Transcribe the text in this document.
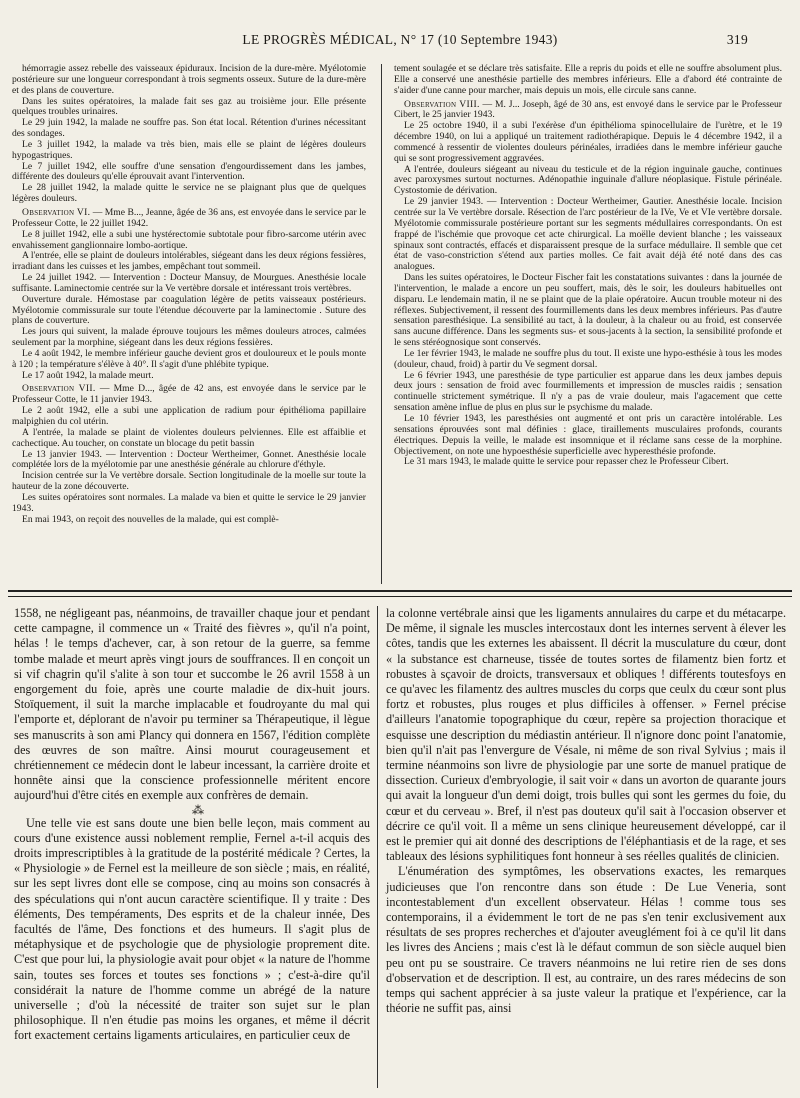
LE PROGRÈS MÉDICAL, N° 17 (10 Septembre 1943)	319

hémorragie assez rebelle des vaisseaux épiduraux. Incision de la dure-mère. Myélotomie postérieure sur une longueur correspondant à trois segments osseux. Suture de la dure-mère et des plans de couverture.

Dans les suites opératoires, la malade fait ses gaz au troisième jour. Elle présente quelques troubles urinaires.

Le 29 juin 1942, la malade ne souffre pas. Son état local. Rétention d'urines nécessitant des sondages.

Le 3 juillet 1942, la malade va très bien, mais elle se plaint de légères douleurs hypogastriques.

Le 7 juillet 1942, elle souffre d'une sensation d'engourdissement dans les jambes, différente des douleurs qu'elle éprouvait avant l'intervention.

Le 28 juillet 1942, la malade quitte le service ne se plaignant plus que de quelques légères douleurs.

Observation VI. — Mme B..., Jeanne, âgée de 36 ans, est envoyée dans le service par le Professeur Cotte, le 22 juillet 1942.

Le 8 juillet 1942, elle a subi une hystérectomie subtotale pour fibro-sarcome utérin avec envahissement ganglionnaire lombo-aortique.

A l'entrée, elle se plaint de douleurs intolérables, siégeant dans les deux régions fessières, irradiant dans les cuisses et les jambes, empêchant tout sommeil.

Le 24 juillet 1942. — Intervention : Docteur Mansuy, de Mourgues. Anesthésie locale suffisante. Laminectomie centrée sur la Ve vertèbre dorsale et intéressant trois vertèbres.

Ouverture durale. Hémostase par coagulation légère de petits vaisseaux postérieurs. Myélotomie commissurale sur toute l'étendue découverte par la laminectomie . Suture des plans de couverture.

Les jours qui suivent, la malade éprouve toujours les mêmes douleurs atroces, calmées seulement par la morphine, siégeant dans les deux régions fessières.

Le 4 août 1942, le membre inférieur gauche devient gros et douloureux et le pouls monte à 120 ; la température s'élève à 40°. Il s'agit d'une phlébite typique.

Le 17 août 1942, la malade meurt.

Observation VII. — Mme D..., âgée de 42 ans, est envoyée dans le service par le Professeur Cotte, le 11 janvier 1943.

Le 2 août 1942, elle a subi une application de radium pour épithélioma papillaire malpighien du col utérin.

A l'entrée, la malade se plaint de violentes douleurs pelviennes. Elle est affaiblie et cachectique. Au toucher, on constate un blocage du petit bassin

Le 13 janvier 1943. — Intervention : Docteur Wertheimer, Gonnet. Anesthésie locale complétée lors de la myélotomie par une anesthésie générale au chlorure d'éthyle.

Incision centrée sur la Ve vertèbre dorsale. Section longitudinale de la moelle sur toute la hauteur de la zone découverte.

Les suites opératoires sont normales. La malade va bien et quitte le service le 29 janvier 1943.

En mai 1943, on reçoit des nouvelles de la malade, qui est complè-

tement soulagée et se déclare très satisfaite. Elle a repris du poids et elle ne souffre absolument plus. Elle a conservé une anesthésie partielle des membres inférieurs. Elle a d'abord été contrainte de s'aider d'une canne pour marcher, mais depuis un mois, elle circule sans canne.

Observation VIII. — M. J... Joseph, âgé de 30 ans, est envoyé dans le service par le Professeur Cibert, le 25 janvier 1943.

Le 25 octobre 1940, il a subi l'exérèse d'un épithélioma spinocellulaire de l'urètre, et le 19 décembre 1940, on lui a appliqué un traitement radiothérapique. Depuis le 4 décembre 1942, il a commencé à ressentir de violentes douleurs périnéales, irradiées dans le membre inférieur gauche qui se sont progressivement aggravées.

A l'entrée, douleurs siégeant au niveau du testicule et de la région inguinale gauche, continues avec paroxysmes surtout nocturnes. Adénopathie inguinale d'allure néoplasique. Fistule périnéale. Cystostomie de dérivation.

Le 29 janvier 1943. — Intervention : Docteur Wertheimer, Gautier. Anesthésie locale. Incision centrée sur la Ve vertèbre dorsale. Résection de l'arc postérieur de la IVe, Ve et VIe vertèbre dorsale. Myélotomie commissurale postérieure portant sur les segments médullaires correspondants. On est frappé de l'ischémie que provoque cet acte chirurgical. La moëlle devient blanche ; les vaisseaux spinaux sont contractés, effacés et disparaissent presque de la surface médullaire. Il semble que cet état de vaso-constriction s'étend aux parties molles. Ce fait avait déjà été noté dans des cas analogues.

Dans les suites opératoires, le Docteur Fischer fait les constatations suivantes : dans la journée de l'intervention, le malade a encore un peu souffert, mais, dès le soir, les douleurs habituelles ont disparu. Le lendemain matin, il ne se plaint que de la plaie opératoire. Aucun trouble moteur ni des réflexes. Subjectivement, il ressent des fourmillements dans les deux membres inférieurs. Pas d'autre sensation paresthésique. La sensibilité au tact, à la douleur, à la chaleur ou au froid, est conservée sans aucune différence. Dans les segments sus- et sous-jacents à la section, la sensibilité profonde et le sens stéréognosique sont conservés.

Le 1er février 1943, le malade ne souffre plus du tout. Il existe une hypo-esthésie à tous les modes (douleur, chaud, froid) à partir du Ve segment dorsal.

Le 6 février 1943, une paresthésie de type particulier est apparue dans les deux jambes depuis deux jours : sensation de froid avec fourmillements et impression de muscles raidis ; sensation continuelle strictement symétrique. Il n'y a pas de vraie douleur, mais l'agacement que cette sensation amène influe de plus en plus sur le psychisme du malade.

Le 10 février 1943, les paresthésies ont augmenté et ont pris un caractère intolérable. Les sensations éprouvées sont mal définies : glace, tiraillements musculaires profonds, courants électriques. Depuis la veille, le malade est insomnique et il réclame sans cesse de la morphine. Objectivement, on note une hypoesthésie superficielle avec hyperesthésie profonde.

Le 31 mars 1943, le malade quitte le service pour repasser chez le Professeur Cibert.

1558, ne négligeant pas, néanmoins, de travailler chaque jour et pendant cette campagne, il commence un « Traité des fièvres », qu'il n'a point, hélas ! le temps d'achever, car, à son retour de la guerre, sa femme tombe malade et meurt après vingt jours de souffrances. Il en conçoit un si vif chagrin qu'il s'alite à son tour et succombe le 26 avril 1558 à un engorgement du foie, après une courte maladie de dix-huit jours. Stoïquement, il suit la marche implacable et foudroyante du mal qui l'emporte et, déplorant de n'avoir pu terminer sa Thérapeutique, il lègue ses manuscrits à son ami Plancy qui donnera en 1567, l'édition complète des œuvres de son maître. Ainsi mourut courageusement et chrétiennement ce médecin dont le labeur incessant, la carrière droite et honnête ainsi que la conscience professionnelle méritent encore aujourd'hui d'être cités en exemple aux confrères de demain.

⁂

Une telle vie est sans doute une bien belle leçon, mais comment au cours d'une existence aussi noblement remplie, Fernel a-t-il acquis des droits imprescriptibles à la gratitude de la postérité médicale ? Certes, la « Physiologie » de Fernel est la meilleure de son siècle ; mais, en réalité, sur les sept livres dont elle se compose, cinq au moins son consacrés à des spéculations qui n'ont aucun caractère scientifique. Il y traite : Des éléments, Des tempéraments, Des esprits et de la chaleur innée, Des facultés de l'âme, Des fonctions et des humeurs. Il s'agit plus de métaphysique et de psychologie que de physiologie proprement dite. C'est que pour lui, la physiologie avait pour objet « la nature de l'homme sain, toutes ses forces et toutes ses fonctions » ; c'est-à-dire qu'il considérait la nature de l'homme comme un abrégé de la nature universelle ; d'où la nécessité de traiter son sujet sur le plan philosophique. Il n'en étudie pas moins les organes, et même il décrit fort exactement certains ligaments articulaires, en particulier ceux de

la colonne vertébrale ainsi que les ligaments annulaires du carpe et du métacarpe. De même, il signale les muscles intercostaux dont les internes servent à élever les côtes, tandis que les externes les abaissent. Il décrit la musculature du cœur, dont « la substance est charneuse, tissée de toutes sortes de filamentz bien fortz et robustes à sçavoir de droicts, transversaux et obliques ! différents toutesfoys en ce qu'avec les filamentz des aultres muscles du corps que ceulx du cœur sont plus fortz et robustes, plus rouges et plus difficiles à offenser. » Fernel précise d'ailleurs l'anatomie topographique du cœur, repère sa projection thoracique et esquisse une description du médiastin antérieur. Il n'ignore donc point l'anatomie, bien qu'il n'ait pas l'envergure de Vésale, ni même de son rival Sylvius ; mais il termine néanmoins son livre de physiologie par une sorte de manuel pratique de dissection. Curieux d'embryologie, il sait voir « dans un avorton de quarante jours qui avait la longueur d'un demi doigt, trois bulles qui sont les germes du foie, du cœur et du cerveau ». Bref, il n'est pas douteux qu'il sait à l'occasion observer et décrire ce qu'il voit. Il a même un sens clinique heureusement développé, car il est le premier qui ait donné des descriptions de l'éléphantiasis et de la rage, et ses tableaux des lésions syphilitiques font honneur à ses réelles qualités de clinicien.

L'énumération des symptômes, les observations exactes, les remarques judicieuses que l'on rencontre dans son étude : De Lue Veneria, sont incontestablement d'un excellent observateur. Hélas ! comme tous ses contemporains, il a évidemment le tort de ne pas s'en tenir exclusivement aux résultats de ses propres recherches et d'ajouter aveuglément foi à ce qu'il lit dans les livres des Anciens ; mais c'est là le défaut commun de son siècle auquel bien peu ont pu se soustraire. Ce travers néanmoins ne lui retire rien de ses dons d'observation et de description. Il est, au contraire, un des rares médecins de son temps qui sachent apprécier à sa juste valeur la pratique et l'expérience, car la théorie ne suffit pas, ainsi
